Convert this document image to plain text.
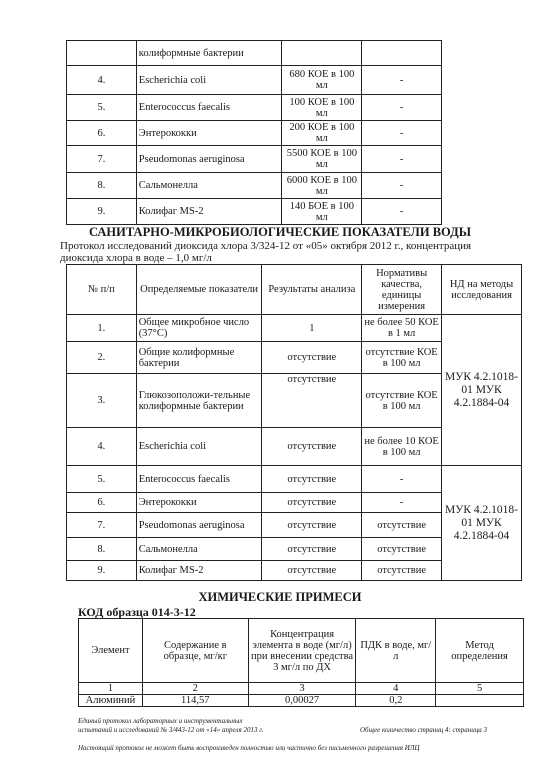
	колиформные бактерии		
4.	Escherichia coli	680 КОЕ в 100 мл	-
5.	Enterococcus faecalis	100 КОЕ в 100 мл	-
6.	Энтерококки	200 КОЕ в 100 мл	-
7.	Pseudomonas aeruginosa	5500 КОЕ в 100 мл	-
8.	Сальмонелла	6000 КОЕ в 100 мл	-
9.	Колифаг MS-2	140 БОЕ в 100 мл	-
САНИТАРНО-МИКРОБИОЛОГИЧЕСКИЕ ПОКАЗАТЕЛИ ВОДЫ
Протокол исследований диоксида хлора 3/324-12 от «05» октября 2012 г., концентрация
диоксида хлора в воде – 1,0 мг/л
№ п/п	Определяемые показатели	Результаты анализа	Нормативы качества, единицы измерения	НД на методы исследования
1.	Общее микробное число (37°С)	1	не более 50 КОЕ в 1 мл	МУК 4.2.1018-01 МУК 4.2.1884-04
2.	Общие колиформные бактерии	отсутствие	отсутствие КОЕ в 100 мл	
3.	Глюкозоположи-тельные колиформные бактерии	отсутствие	отсутствие КОЕ в 100 мл	
4.	Escherichia coli	отсутствие	не более 10 КОЕ в 100 мл	
5.	Enterococcus faecalis	отсутствие	-	МУК 4.2.1018-01 МУК 4.2.1884-04
6.	Энтерококки	отсутствие	-	
7.	Pseudomonas aeruginosa	отсутствие	отсутствие	
8.	Сальмонелла	отсутствие	отсутствие	
9.	Колифаг MS-2	отсутствие	отсутствие	
ХИМИЧЕСКИЕ ПРИМЕСИ
КОД образца 014-3-12
Элемент	Содержание в образце, мг/кг	Концентрация элемента в воде (мг/л) при внесении средства 3 мг/л по ДХ	ПДК в воде, мг/л	Метод определения
1	2	3	4	5
Алюминий	114,57	0,00027	0,2	
Единый протокол лабораторных и инструментальных
испытаний и исследований № 3/443-12 от «14» апреля 2013 г.	Общее количество страниц 4: страница 3
Настоящий протокол не может быть воспроизведен полностью или частично без письменного разрешения ИЛЦ
